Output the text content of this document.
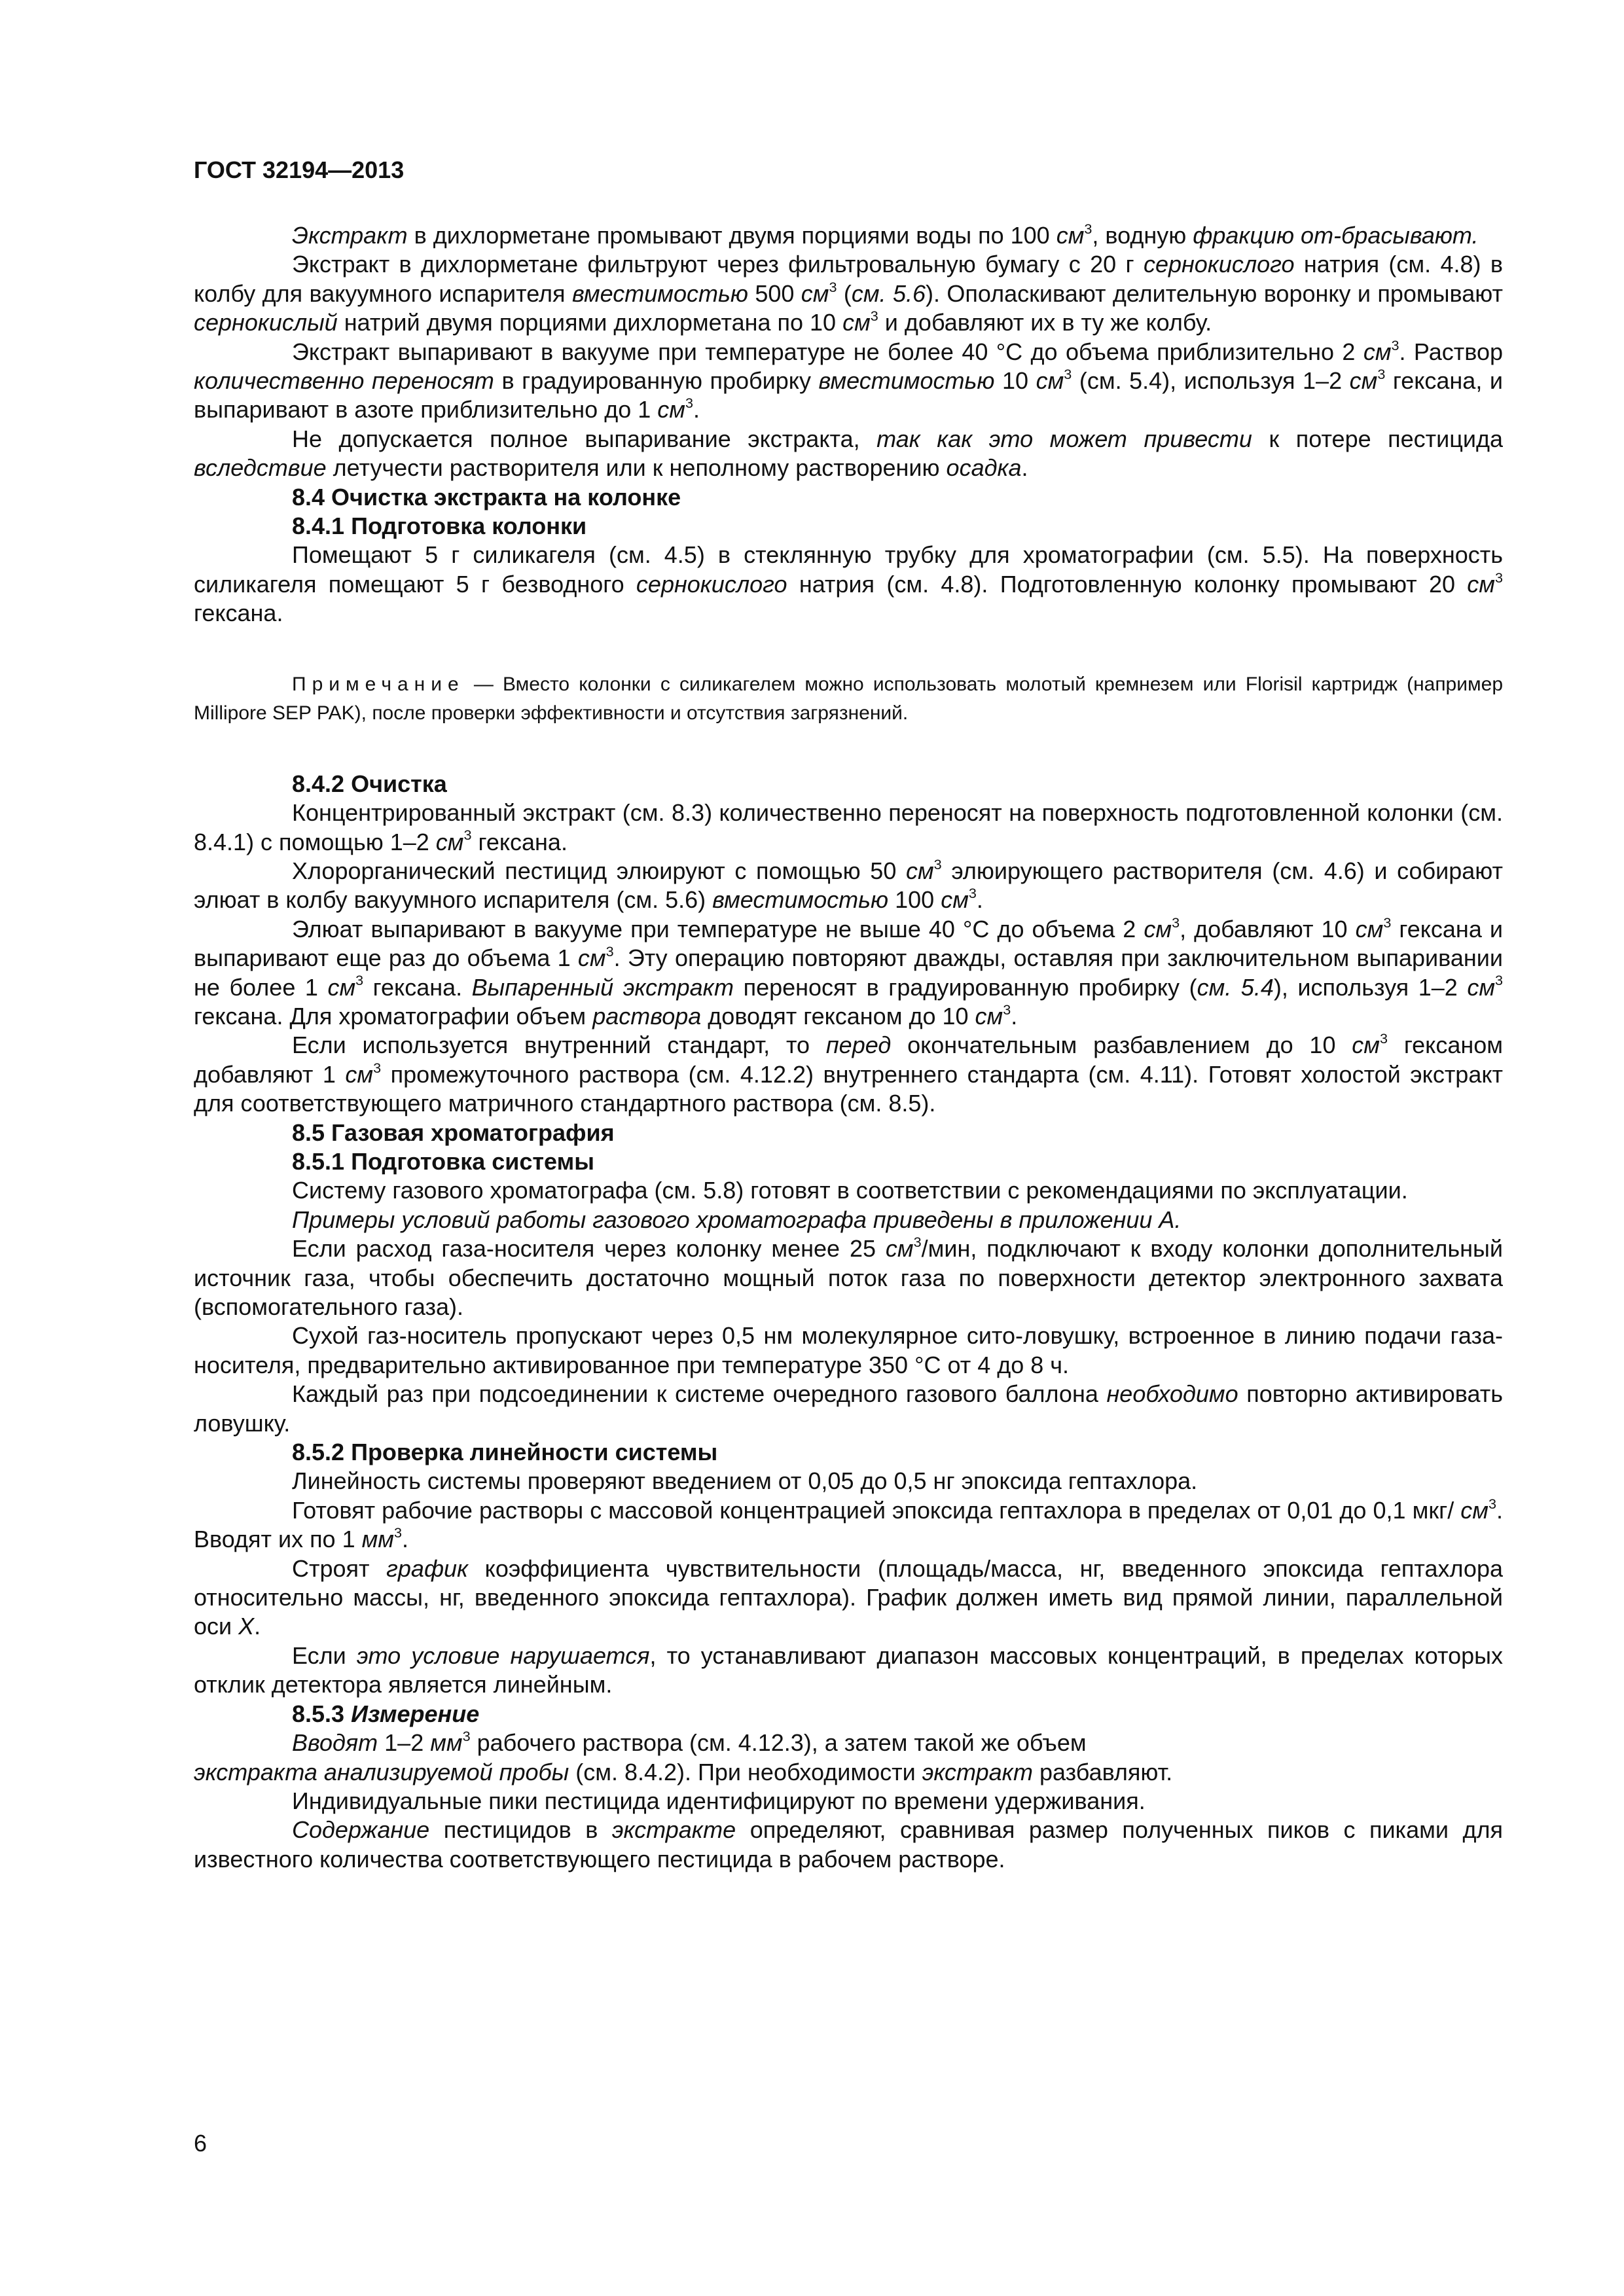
ГОСТ 32194—2013

Экстракт в дихлорметане промывают двумя порциями воды по 100 $см^3$, водную фракцию от-брасывают.

Экстракт в дихлорметане фильтруют через фильтровальную бумагу с 20 г сернокислого натрия (см. 4.8) в колбу для вакуумного испарителя вместимостью 500 $см^3$ (см. 5.6). Ополаскивают делительную воронку и промывают сернокислый натрий двумя порциями дихлорметана по 10 $см^3$ и добавляют их в ту же колбу.

Экстракт выпаривают в вакууме при температуре не более 40 °С до объема приблизительно 2 $см^3$. Раствор количественно переносят в градуированную пробирку вместимостью 10 $см^3$ (см. 5.4), используя 1–2 $см^3$ гексана, и выпаривают в азоте приблизительно до 1 $см^3$.

Не допускается полное выпаривание экстракта, так как это может привести к потере пестицида вследствие летучести растворителя или к неполному растворению осадка.

8.4 Очистка экстракта на колонке

8.4.1 Подготовка колонки

Помещают 5 г силикагеля (см. 4.5) в стеклянную трубку для хроматографии (см. 5.5). На поверхность силикагеля помещают 5 г безводного сернокислого натрия (см. 4.8). Подготовленную колонку промывают 20 $см^3$ гексана.

Примечание — Вместо колонки с силикагелем можно использовать молотый кремнезем или Florisil картридж (например Millipore SEP PAK), после проверки эффективности и отсутствия загрязнений.

8.4.2 Очистка

Концентрированный экстракт (см. 8.3) количественно переносят на поверхность подготовленной колонки (см. 8.4.1) с помощью 1–2 $см^3$ гексана.

Хлорорганический пестицид элюируют с помощью 50 $см^3$ элюирующего растворителя (см. 4.6) и собирают элюат в колбу вакуумного испарителя (см. 5.6) вместимостью 100 $см^3$.

Элюат выпаривают в вакууме при температуре не выше 40 °С до объема 2 $см^3$, добавляют 10 $см^3$ гексана и выпаривают еще раз до объема 1 $см^3$. Эту операцию повторяют дважды, оставляя при заключительном выпаривании не более 1 $см^3$ гексана. Выпаренный экстракт переносят в градуированную пробирку (см. 5.4), используя 1–2 $см^3$ гексана. Для хроматографии объем раствора доводят гексаном до 10 $см^3$.

Если используется внутренний стандарт, то перед окончательным разбавлением до 10 $см^3$ гексаном добавляют 1 $см^3$ промежуточного раствора (см. 4.12.2) внутреннего стандарта (см. 4.11). Готовят холостой экстракт для соответствующего матричного стандартного раствора (см. 8.5).

8.5 Газовая хроматография

8.5.1 Подготовка системы

Систему газового хроматографа (см. 5.8) готовят в соответствии с рекомендациями по эксплуатации.

Примеры условий работы газового хроматографа приведены в приложении А.

Если расход газа-носителя через колонку менее 25 $см^3$/мин, подключают к входу колонки дополнительный источник газа, чтобы обеспечить достаточно мощный поток газа по поверхности детектор электронного захвата (вспомогательного газа).

Сухой газ-носитель пропускают через 0,5 нм молекулярное сито-ловушку, встроенное в линию подачи газа-носителя, предварительно активированное при температуре 350 °С от 4 до 8 ч.

Каждый раз при подсоединении к системе очередного газового баллона необходимо повторно активировать ловушку.

8.5.2 Проверка линейности системы

Линейность системы проверяют введением от 0,05 до 0,5 нг эпоксида гептахлора.

Готовят рабочие растворы с массовой концентрацией эпоксида гептахлора в пределах от 0,01 до 0,1 мкг/ $см^3$. Вводят их по 1 $мм^3$.

Строят график коэффициента чувствительности (площадь/масса, нг, введенного эпоксида гептахлора относительно массы, нг, введенного эпоксида гептахлора). График должен иметь вид прямой линии, параллельной оси X.

Если это условие нарушается, то устанавливают диапазон массовых концентраций, в пределах которых отклик детектора является линейным.

8.5.3 Измерение

Вводят 1–2 $мм^3$ рабочего раствора (см. 4.12.3), а затем такой же объем
экстракта анализируемой пробы (см. 8.4.2). При необходимости экстракт разбавляют.

Индивидуальные пики пестицида идентифицируют по времени удерживания.

Содержание пестицидов в экстракте определяют, сравнивая размер полученных пиков с пиками для известного количества соответствующего пестицида в рабочем растворе.

6
